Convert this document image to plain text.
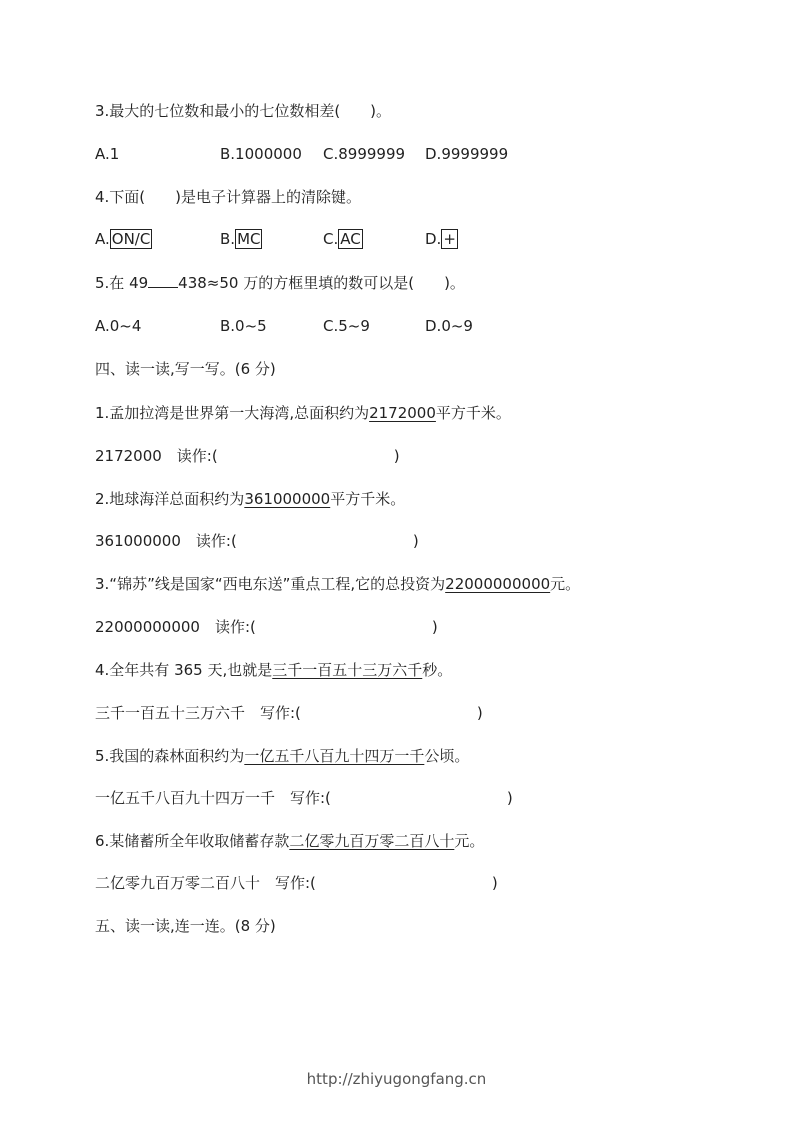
3.最大的七位数和最小的七位数相差(　　)。
A.1	B.1000000 C.8999999 D.9999999
4.下面(　　)是电子计算器上的清除键。
A. ON/C	B. MC	C. AC	D. +
5.在 49 438≈50 万的方框里填的数可以是(　　)。
A.0~4	B.0~5	C.5~9	D.0~9
四、读一读,写一写。(6 分)
1.孟加拉湾是世界第一大海湾,总面积约为2172000平方千米。
2172000　读作:(	)
2.地球海洋总面积约为361000000平方千米。
361000000　读作:(	)
3.“锦苏”线是国家“西电东送”重点工程,它的总投资为22000000000元。
22000000000　读作:(	)
4.全年共有 365 天,也就是三千一百五十三万六千秒。
三千一百五十三万六千　写作:(	)
5.我国的森林面积约为一亿五千八百九十四万一千公顷。
一亿五千八百九十四万一千　写作:(	)
6.某储蓄所全年收取储蓄存款二亿零九百万零二百八十元。
二亿零九百万零二百八十　写作:(	)
五、读一读,连一连。(8 分)
http://zhiyugongfang.cn
